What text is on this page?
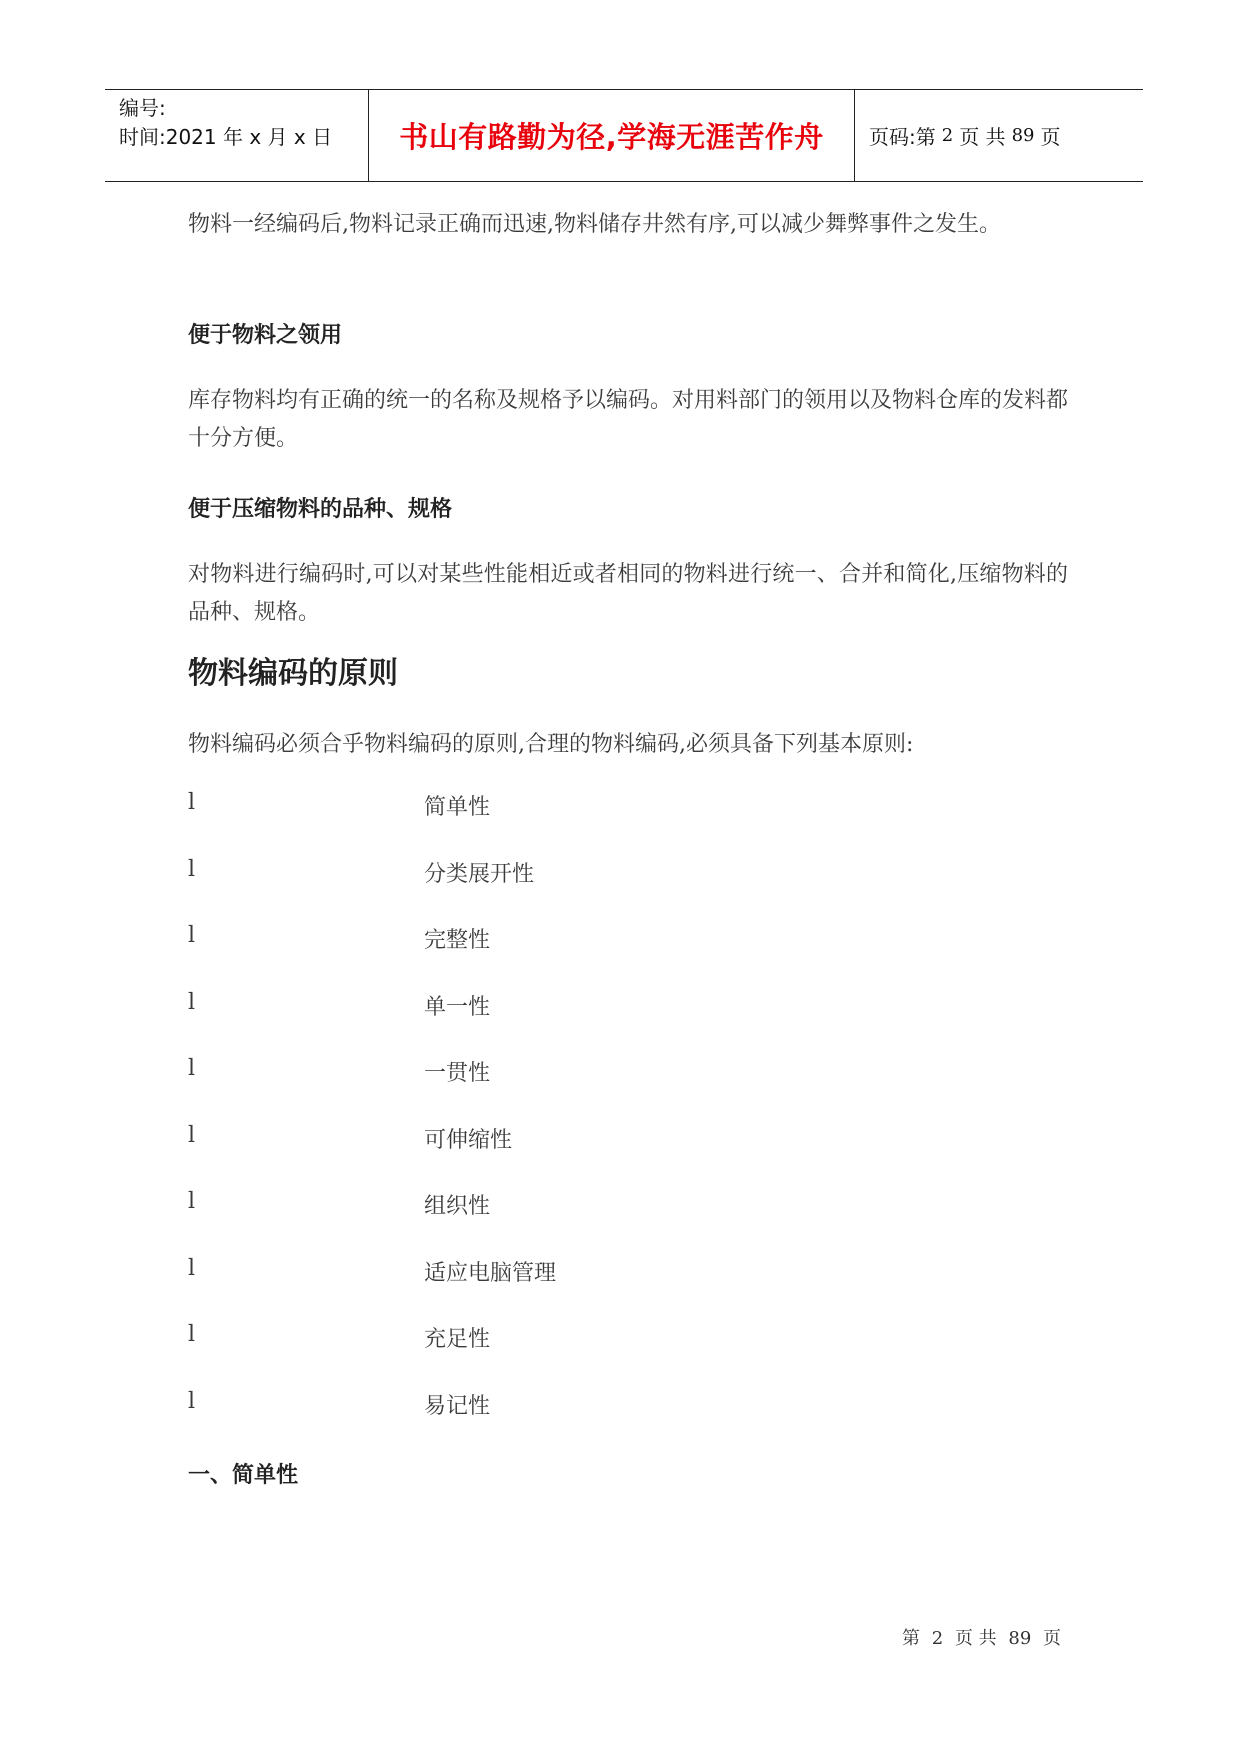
编号:
时间:2021 年 x 月 x 日 书山有路勤为径,学海无涯苦作舟 页码:第 2 页 共 89 页

物料一经编码后,物料记录正确而迅速,物料储存井然有序,可以减少舞弊事件之发生。

便于物料之领用

库存物料均有正确的统一的名称及规格予以编码。对用料部门的领用以及物料仓库的发料都十分方便。

便于压缩物料的品种、规格

对物料进行编码时,可以对某些性能相近或者相同的物料进行统一、合并和简化,压缩物料的品种、规格。

物料编码的原则

物料编码必须合乎物料编码的原则,合理的物料编码,必须具备下列基本原则:

l	简单性
l	分类展开性
l	完整性
l	单一性
l	一贯性
l	可伸缩性
l	组织性
l	适应电脑管理
l	充足性
l	易记性
一、简单性
第 2 页 共 89 页
